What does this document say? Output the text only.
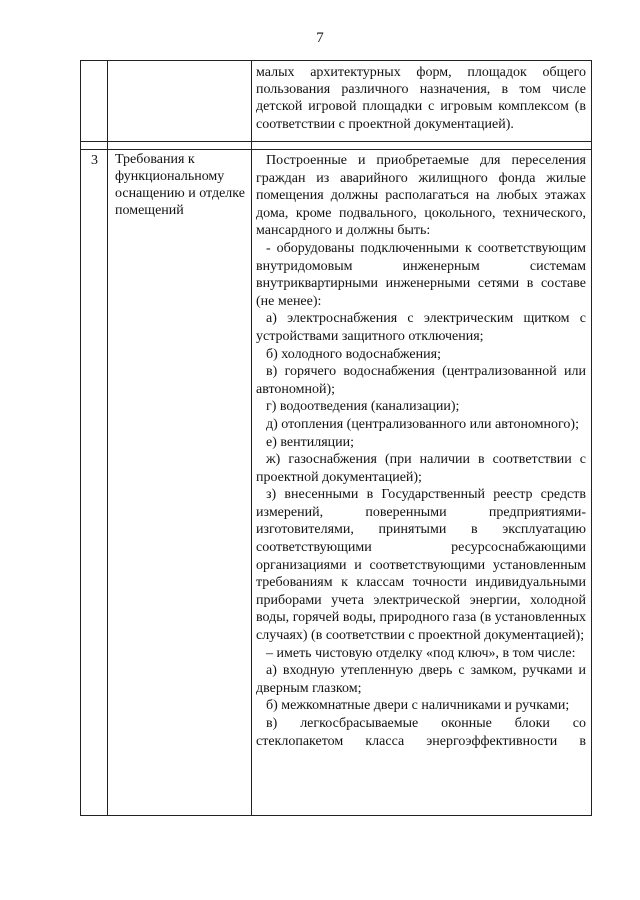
7
малых архитектурных форм, площадок общего пользования различного назначения, в том числе детской игровой площадки с игровым комплексом (в соответствии с проектной документацией).
3 Требования к функциональному оснащению и отделке помещений

Построенные и приобретаемые для переселения граждан из аварийного жилищного фонда жилые помещения должны располагаться на любых этажах дома, кроме подвального, цокольного, технического, мансардного и должны быть:

- оборудованы подключенными к соответствующим внутридомовым инженерным системам внутриквартирными инженерными сетями в составе (не менее):

а) электроснабжения с электрическим щитком с устройствами защитного отключения;

б) холодного водоснабжения;

в) горячего водоснабжения (централизованной или автономной);

г) водоотведения (канализации);

д) отопления (централизованного или автономного);

е) вентиляции;

ж) газоснабжения (при наличии в соответствии с проектной документацией);

з) внесенными в Государственный реестр средств измерений, поверенными предприятиями-изготовителями, принятыми в эксплуатацию соответствующими ресурсоснабжающими организациями и соответствующими установленным требованиям к классам точности индивидуальными приборами учета электрической энергии, холодной воды, горячей воды, природного газа (в установленных случаях) (в соответствии с проектной документацией);

– иметь чистовую отделку «под ключ», в том числе:

а) входную утепленную дверь с замком, ручками и дверным глазком;

б) межкомнатные двери с наличниками и ручками;

в) легкосбрасываемые оконные блоки со стеклопакетом класса энергоэффективности в
